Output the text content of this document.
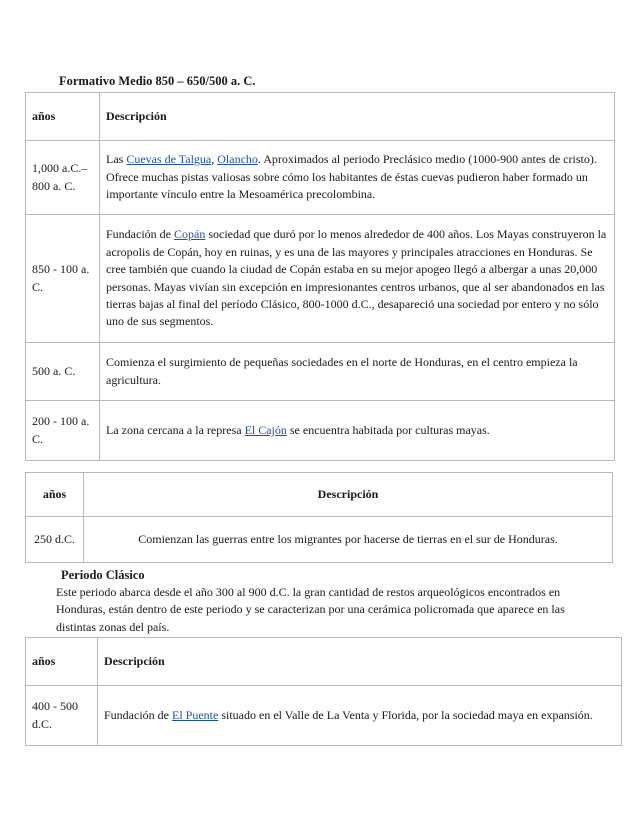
Formativo Medio 850 – 650/500 a. C.
años	Descripción
1,000 a.C.– 800 a. C.	Las Cuevas de Talgua, Olancho. Aproximados al periodo Preclásico medio (1000-900 antes de cristo). Ofrece muchas pistas valiosas sobre cómo los habitantes de éstas cuevas pudieron haber formado un importante vínculo entre la Mesoamérica precolombina.
850 - 100 a. C.	Fundación de Copán sociedad que duró por lo menos alrededor de 400 años. Los Mayas construyeron la acropolis de Copán, hoy en ruinas, y es una de las mayores y principales atracciones en Honduras. Se cree también que cuando la ciudad de Copán estaba en su mejor apogeo llegó a albergar a unas 20,000 personas. Mayas vivían sin excepción en impresionantes centros urbanos, que al ser abandonados en las tierras bajas al final del período Clásico, 800-1000 d.C., desapareció una sociedad por entero y no sólo uno de sus segmentos.
500 a. C.	Comienza el surgimiento de pequeñas sociedades en el norte de Honduras, en el centro empieza la agricultura.
200 - 100 a. C.	La zona cercana a la represa El Cajón se encuentra habitada por culturas mayas.
años	Descripción
250 d.C.	Comienzan las guerras entre los migrantes por hacerse de tierras en el sur de Honduras.
Periodo Clásico
Este periodo abarca desde el año 300 al 900 d.C. la gran cantidad de restos arqueológicos encontrados en Honduras, están dentro de este periodo y se caracterizan por una cerámica policromada que aparece en las distintas zonas del país.
años	Descripción
400 - 500 d.C.	Fundación de El Puente situado en el Valle de La Venta y Florida, por la sociedad maya en expansión.
